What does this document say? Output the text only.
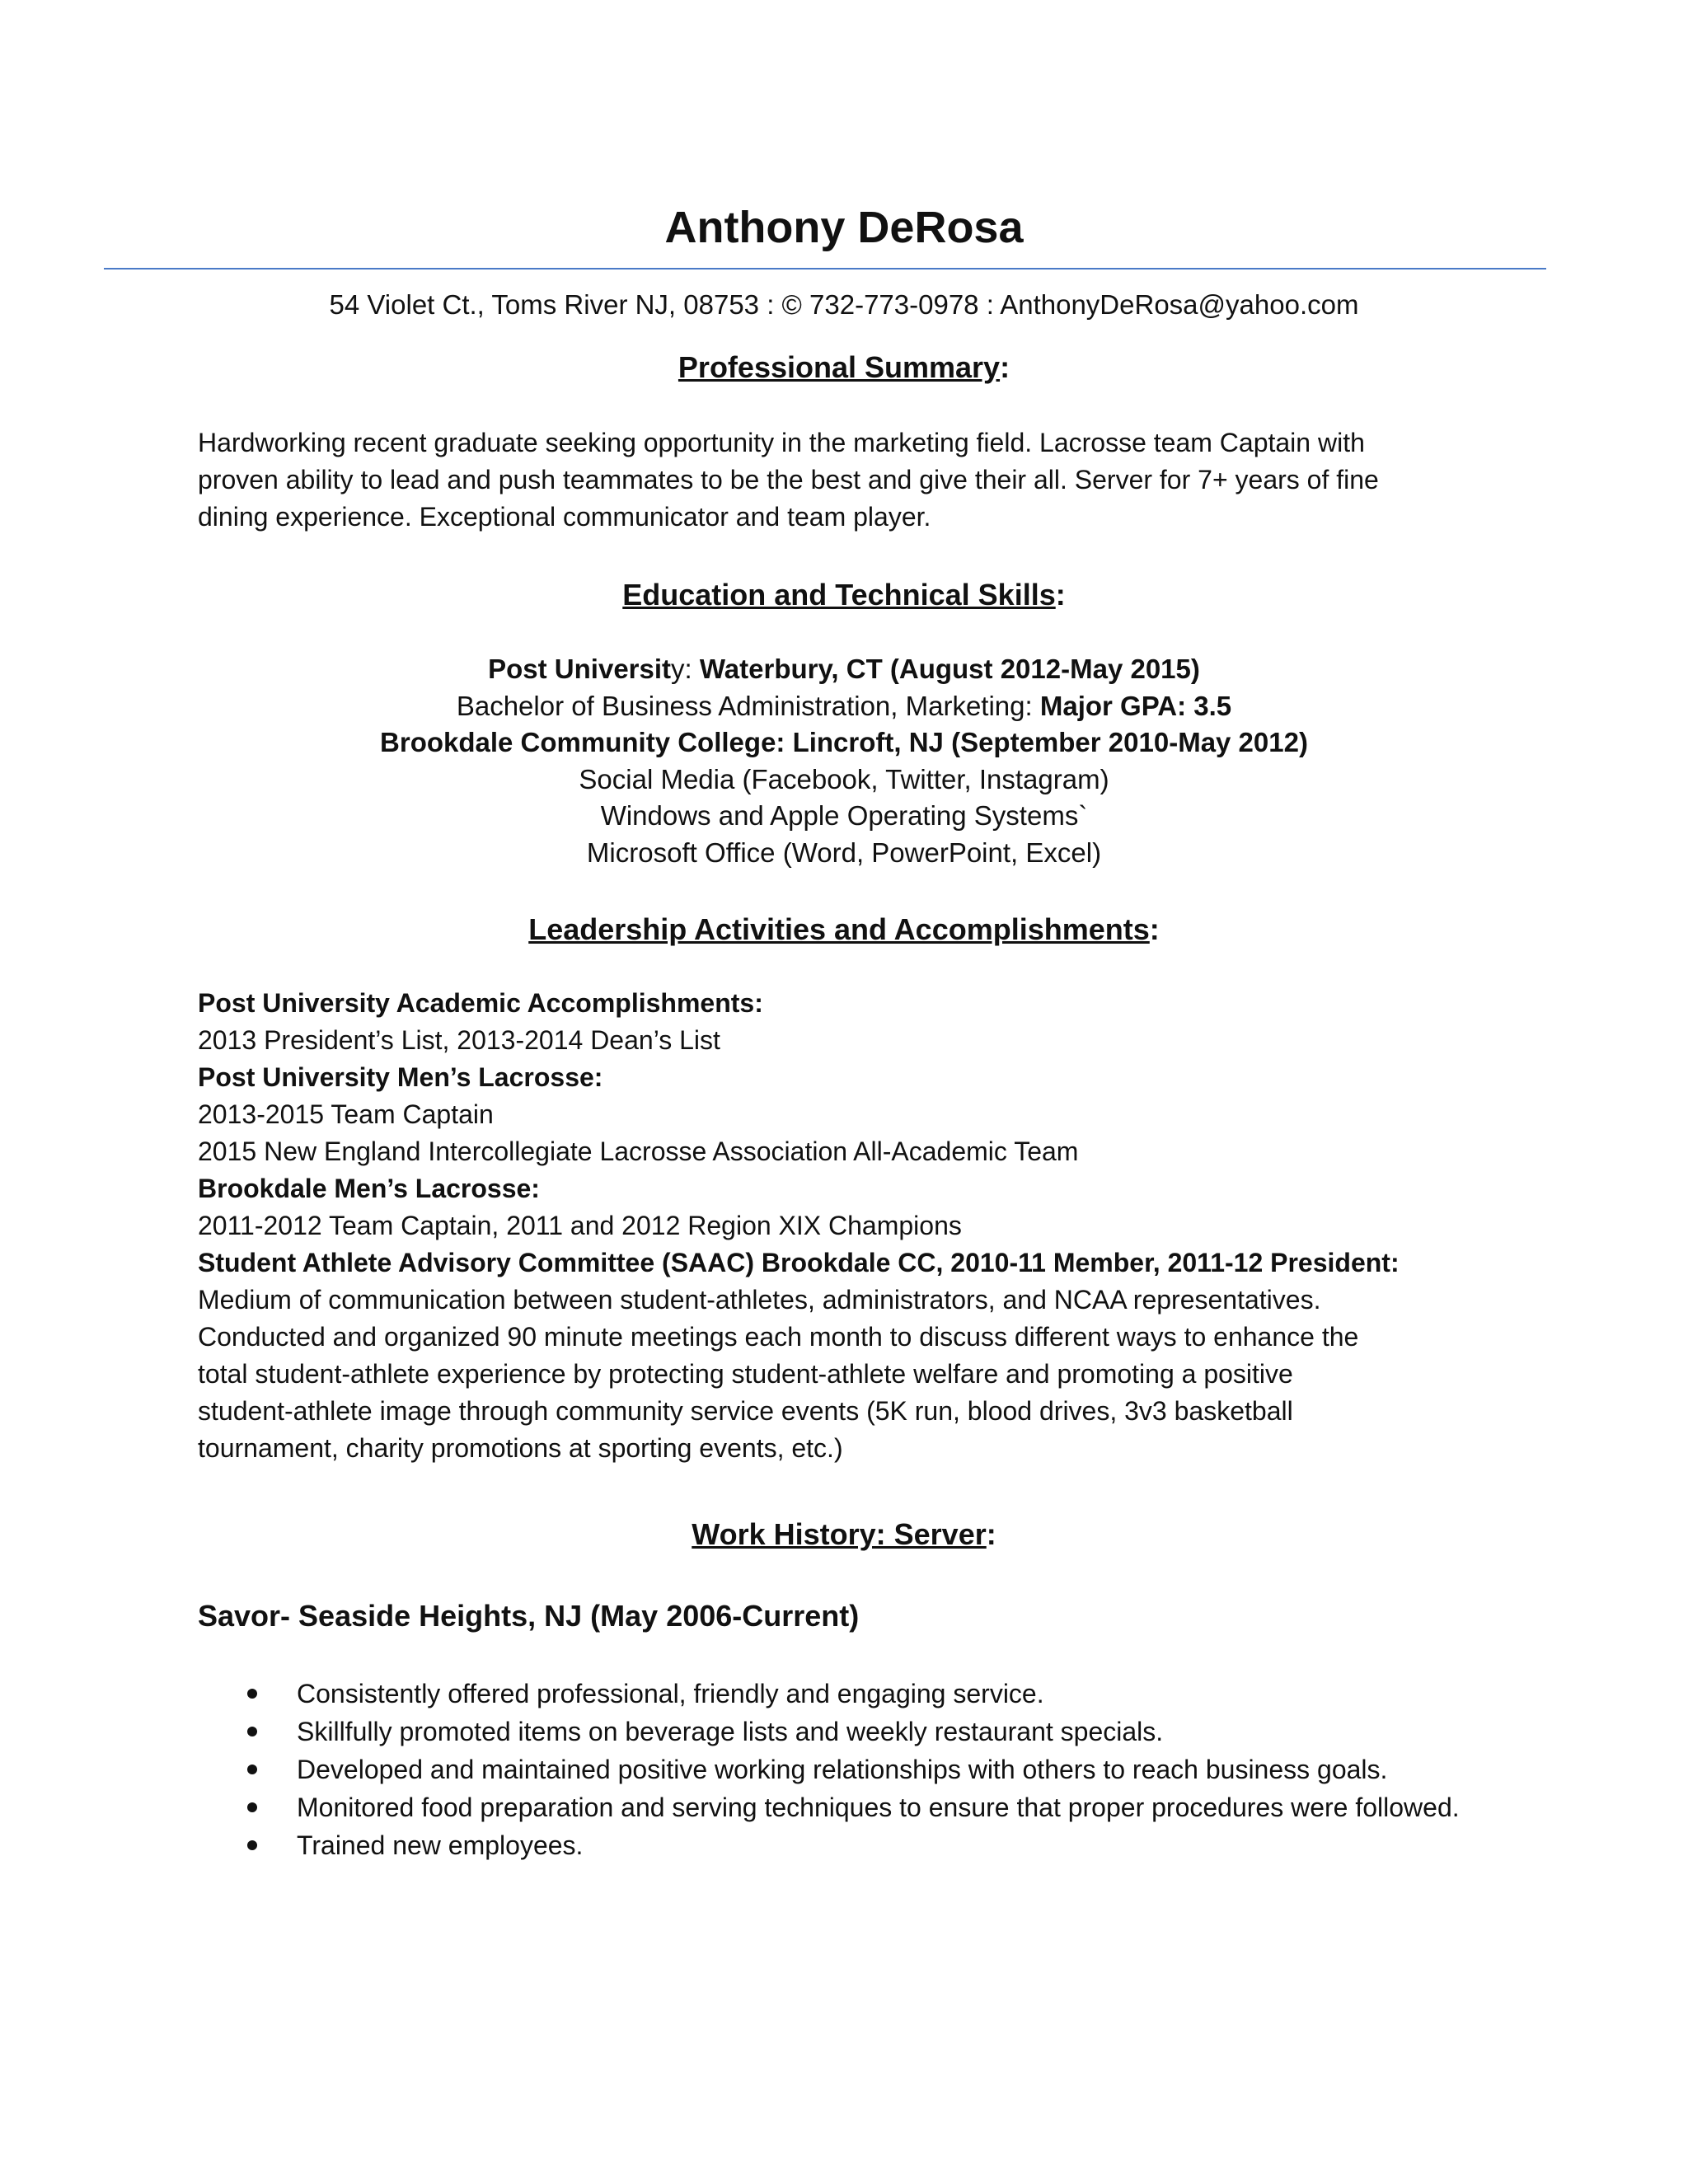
Anthony DeRosa
54 Violet Ct., Toms River NJ, 08753 : © 732-773-0978 : AnthonyDeRosa@yahoo.com
Professional Summary:
Hardworking recent graduate seeking opportunity in the marketing field. Lacrosse team Captain with
proven ability to lead and push teammates to be the best and give their all. Server for 7+ years of fine
dining experience. Exceptional communicator and team player.
Education and Technical Skills:
Post University: Waterbury, CT (August 2012-May 2015)
Bachelor of Business Administration, Marketing: Major GPA: 3.5
Brookdale Community College: Lincroft, NJ (September 2010-May 2012)
Social Media (Facebook, Twitter, Instagram)
Windows and Apple Operating Systems`
Microsoft Office (Word, PowerPoint, Excel)
Leadership Activities and Accomplishments:
Post University Academic Accomplishments:
2013 President’s List, 2013-2014 Dean’s List
Post University Men’s Lacrosse:
2013-2015 Team Captain
2015 New England Intercollegiate Lacrosse Association All-Academic Team
Brookdale Men’s Lacrosse:
2011-2012 Team Captain, 2011 and 2012 Region XIX Champions
Student Athlete Advisory Committee (SAAC) Brookdale CC, 2010-11 Member, 2011-12 President:
Medium of communication between student-athletes, administrators, and NCAA representatives.
Conducted and organized 90 minute meetings each month to discuss different ways to enhance the
total student-athlete experience by protecting student-athlete welfare and promoting a positive
student-athlete image through community service events (5K run, blood drives, 3v3 basketball
tournament, charity promotions at sporting events, etc.)
Work History: Server:
Savor- Seaside Heights, NJ (May 2006-Current)
Consistently offered professional, friendly and engaging service.
Skillfully promoted items on beverage lists and weekly restaurant specials.
Developed and maintained positive working relationships with others to reach business goals.
Monitored food preparation and serving techniques to ensure that proper procedures were followed.
Trained new employees.
